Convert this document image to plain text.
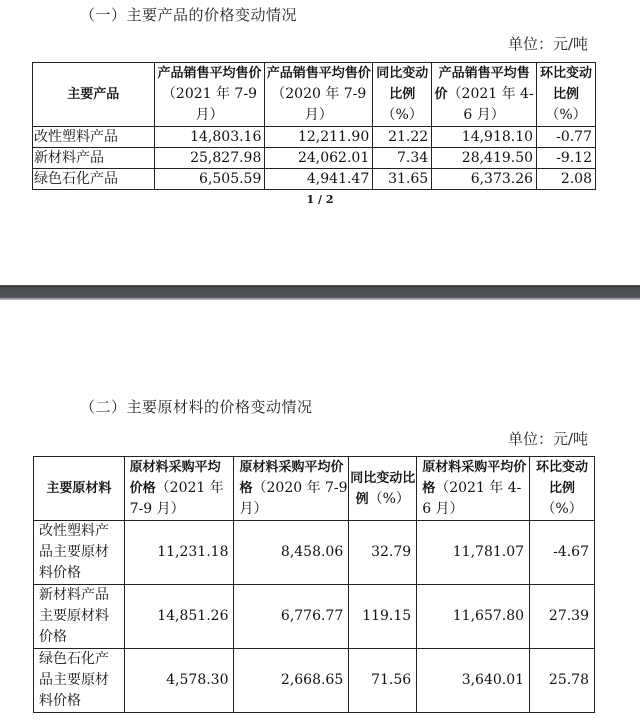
（一）主要产品的价格变动情况
单位：元/吨
主要产品	产品销售平均售价（2021 年 7-9 月）	产品销售平均售价（2020 年 7-9 月）	同比变动比例（%）	产品销售平均售价（2021 年 4-6 月）	环比变动比例（%）
改性塑料产品	14,803.16	12,211.90	21.22	14,918.10	-0.77
新材料产品	25,827.98	24,062.01	7.34	28,419.50	-9.12
绿色石化产品	6,505.59	4,941.47	31.65	6,373.26	2.08
1 / 2
（二）主要原材料的价格变动情况
单位：元/吨
主要原材料	原材料采购平均价格（2021 年 7-9 月）	原材料采购平均价格（2020 年 7-9 月）	同比变动比例（%）	原材料采购平均价格（2021 年 4-6 月）	环比变动比例（%）
改性塑料产品主要原材料价格	11,231.18	8,458.06	32.79	11,781.07	-4.67
新材料产品主要原材料价格	14,851.26	6,776.77	119.15	11,657.80	27.39
绿色石化产品主要原材料价格	4,578.30	2,668.65	71.56	3,640.01	25.78
